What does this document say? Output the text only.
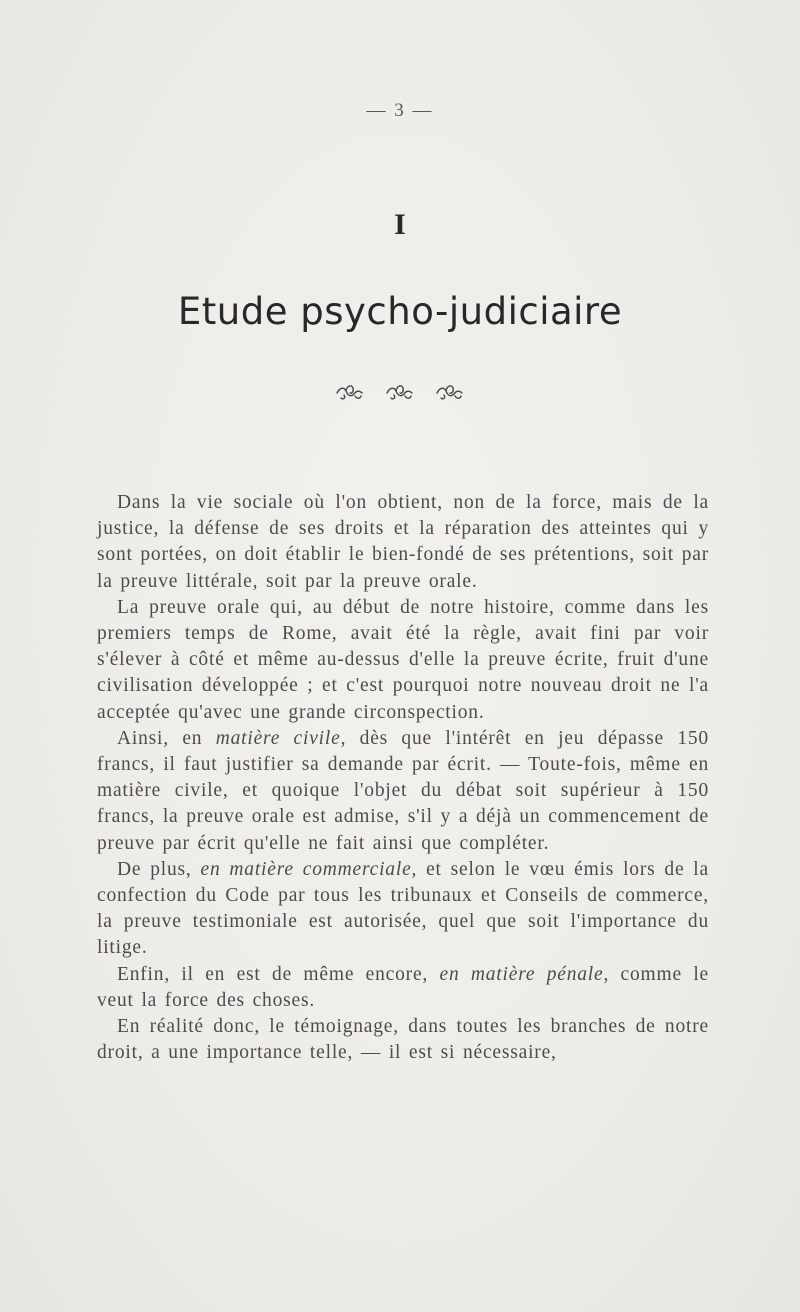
— 3 —
I
Etude psycho-judiciaire

Dans la vie sociale où l'on obtient, non de la force, mais de la justice, la défense de ses droits et la réparation des atteintes qui y sont portées, on doit établir le bien-fondé de ses prétentions, soit par la preuve littérale, soit par la preuve orale.

La preuve orale qui, au début de notre histoire, comme dans les premiers temps de Rome, avait été la règle, avait fini par voir s'élever à côté et même au-dessus d'elle la preuve écrite, fruit d'une civilisation développée ; et c'est pourquoi notre nouveau droit ne l'a acceptée qu'avec une grande circonspection.

Ainsi, en matière civile, dès que l'intérêt en jeu dépasse 150 francs, il faut justifier sa demande par écrit. — Toute-fois, même en matière civile, et quoique l'objet du débat soit supérieur à 150 francs, la preuve orale est admise, s'il y a déjà un commencement de preuve par écrit qu'elle ne fait ainsi que compléter.

De plus, en matière commerciale, et selon le vœu émis lors de la confection du Code par tous les tribunaux et Conseils de commerce, la preuve testimoniale est autorisée, quel que soit l'importance du litige.

Enfin, il en est de même encore, en matière pénale, comme le veut la force des choses.

En réalité donc, le témoignage, dans toutes les branches de notre droit, a une importance telle, — il est si nécessaire,
